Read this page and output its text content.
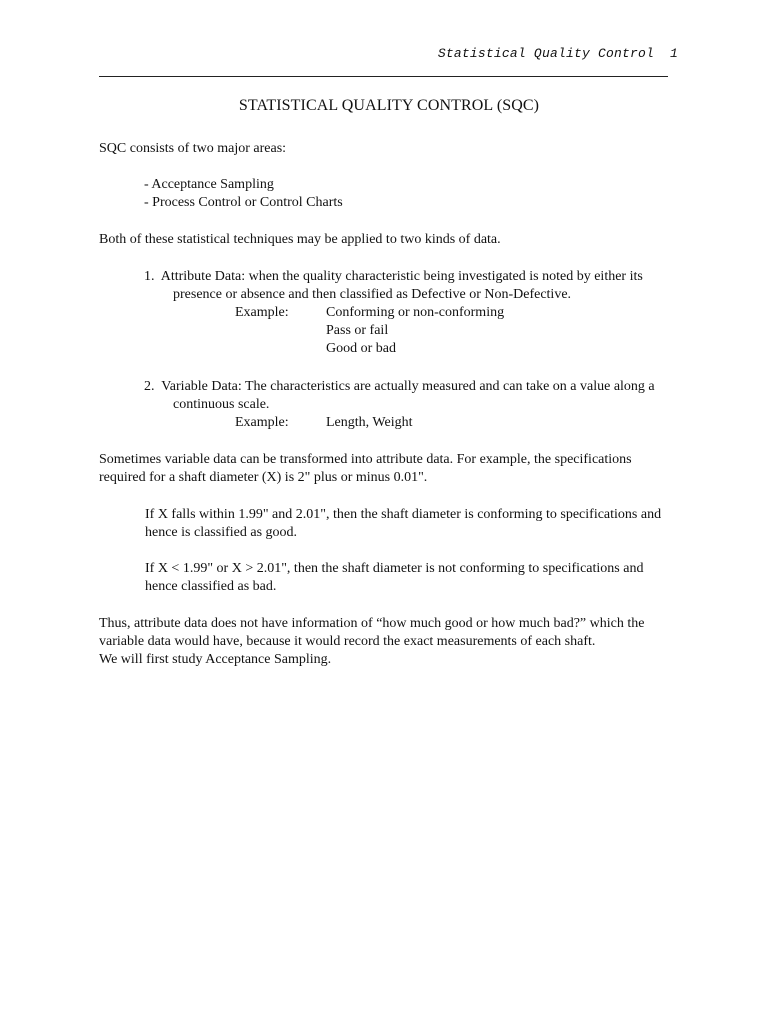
Statistical Quality Control 1
STATISTICAL QUALITY CONTROL (SQC)
SQC consists of two major areas:
- Acceptance Sampling
- Process Control or Control Charts
Both of these statistical techniques may be applied to two kinds of data.
1. Attribute Data: when the quality characteristic being investigated is noted by either its
presence or absence and then classified as Defective or Non-Defective.
Example:	Conforming or non-conforming
Pass or fail
Good or bad
2. Variable Data: The characteristics are actually measured and can take on a value along a
continuous scale.
Example:	Length, Weight
Sometimes variable data can be transformed into attribute data. For example, the specifications
required for a shaft diameter (X) is 2" plus or minus 0.01".
If X falls within 1.99" and 2.01", then the shaft diameter is conforming to specifications and
hence is classified as good.
If X < 1.99" or X > 2.01", then the shaft diameter is not conforming to specifications and
hence classified as bad.
Thus, attribute data does not have information of “how much good or how much bad?” which the
variable data would have, because it would record the exact measurements of each shaft.
We will first study Acceptance Sampling.
